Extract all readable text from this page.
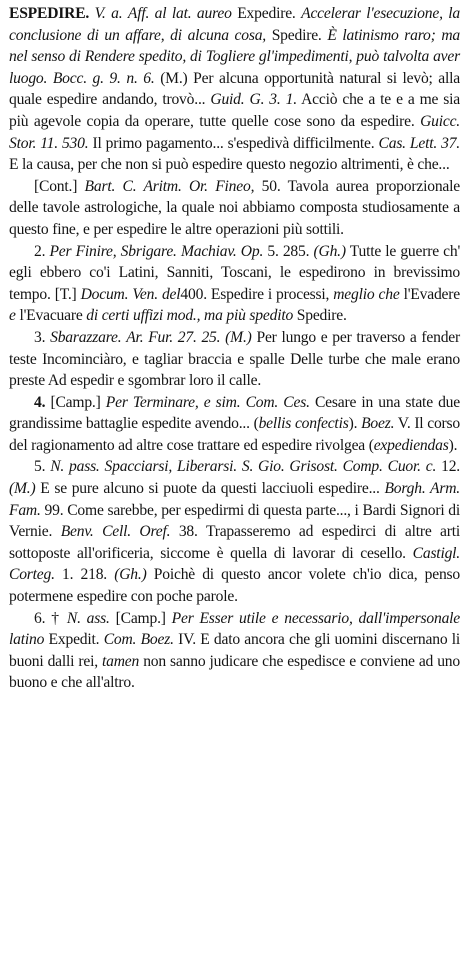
ESPEDIRE. V. a. Aff. al lat. aureo Expedire. Accelerar l'esecuzione, la conclusione di un affare, di alcuna cosa, Spedire. È latinismo raro; ma nel senso di Rendere spedito, di Togliere gl'impedimenti, può talvolta aver luogo. Bocc. g. 9. n. 6. (M.) Per alcuna opportunità natural si levò; alla quale espedire andando, trovò... Guid. G. 3. 1. Acciò che a te e a me sia più agevole copia da operare, tutte quelle cose sono da espedire. Guicc. Stor. 11. 530. Il primo pagamento... s'espedivà difficilmente. Cas. Lett. 37. E la causa, per che non si può espedire questo negozio altrimenti, è che...

[Cont.] Bart. C. Aritm. Or. Fineo, 50. Tavola aurea proporzionale delle tavole astrologiche, la quale noi abbiamo composta studiosamente a questo fine, e per espedire le altre operazioni più sottili.

2. Per Finire, Sbrigare. Machiav. Op. 5. 285. (Gh.) Tutte le guerre ch' egli ebbero co'i Latini, Sanniti, Toscani, le espedirono in brevissimo tempo. [T.] Docum. Ven. del400. Espedire i processi, meglio che l'Evadere e l'Evacuare di certi uffizi mod., ma più spedito Spedire.

3. Sbarazzare. Ar. Fur. 27. 25. (M.) Per lungo e per traverso a fender teste Incominciàro, e tagliar braccia e spalle Delle turbe che male erano preste Ad espedir e sgombrar loro il calle.

4. [Camp.] Per Terminare, e sim. Com. Ces. Cesare in una state due grandissime battaglie espedite avendo... (bellis confectis). Boez. V. Il corso del ragionamento ad altre cose trattare ed espedire rivolgea (expediendas).

5. N. pass. Spacciarsi, Liberarsi. S. Gio. Grisost. Comp. Cuor. c. 12. (M.) E se pure alcuno si puote da questi lacciuoli espedire... Borgh. Arm. Fam. 99. Come sarebbe, per espedirmi di questa parte..., i Bardi Signori di Vernie. Benv. Cell. Oref. 38. Trapasseremo ad espedirci di altre arti sottoposte all'orificeria, siccome è quella di lavorar di cesello. Castigl. Corteg. 1. 218. (Gh.) Poichè di questo ancor volete ch'io dica, penso potermene espedire con poche parole.

6. † N. ass. [Camp.] Per Esser utile e necessario, dall'impersonale latino Expedit. Com. Boez. IV. E dato ancora che gli uomini discernano li buoni dalli rei, tamen non sanno judicare che espedisce e conviene ad uno buono e che all'altro.
